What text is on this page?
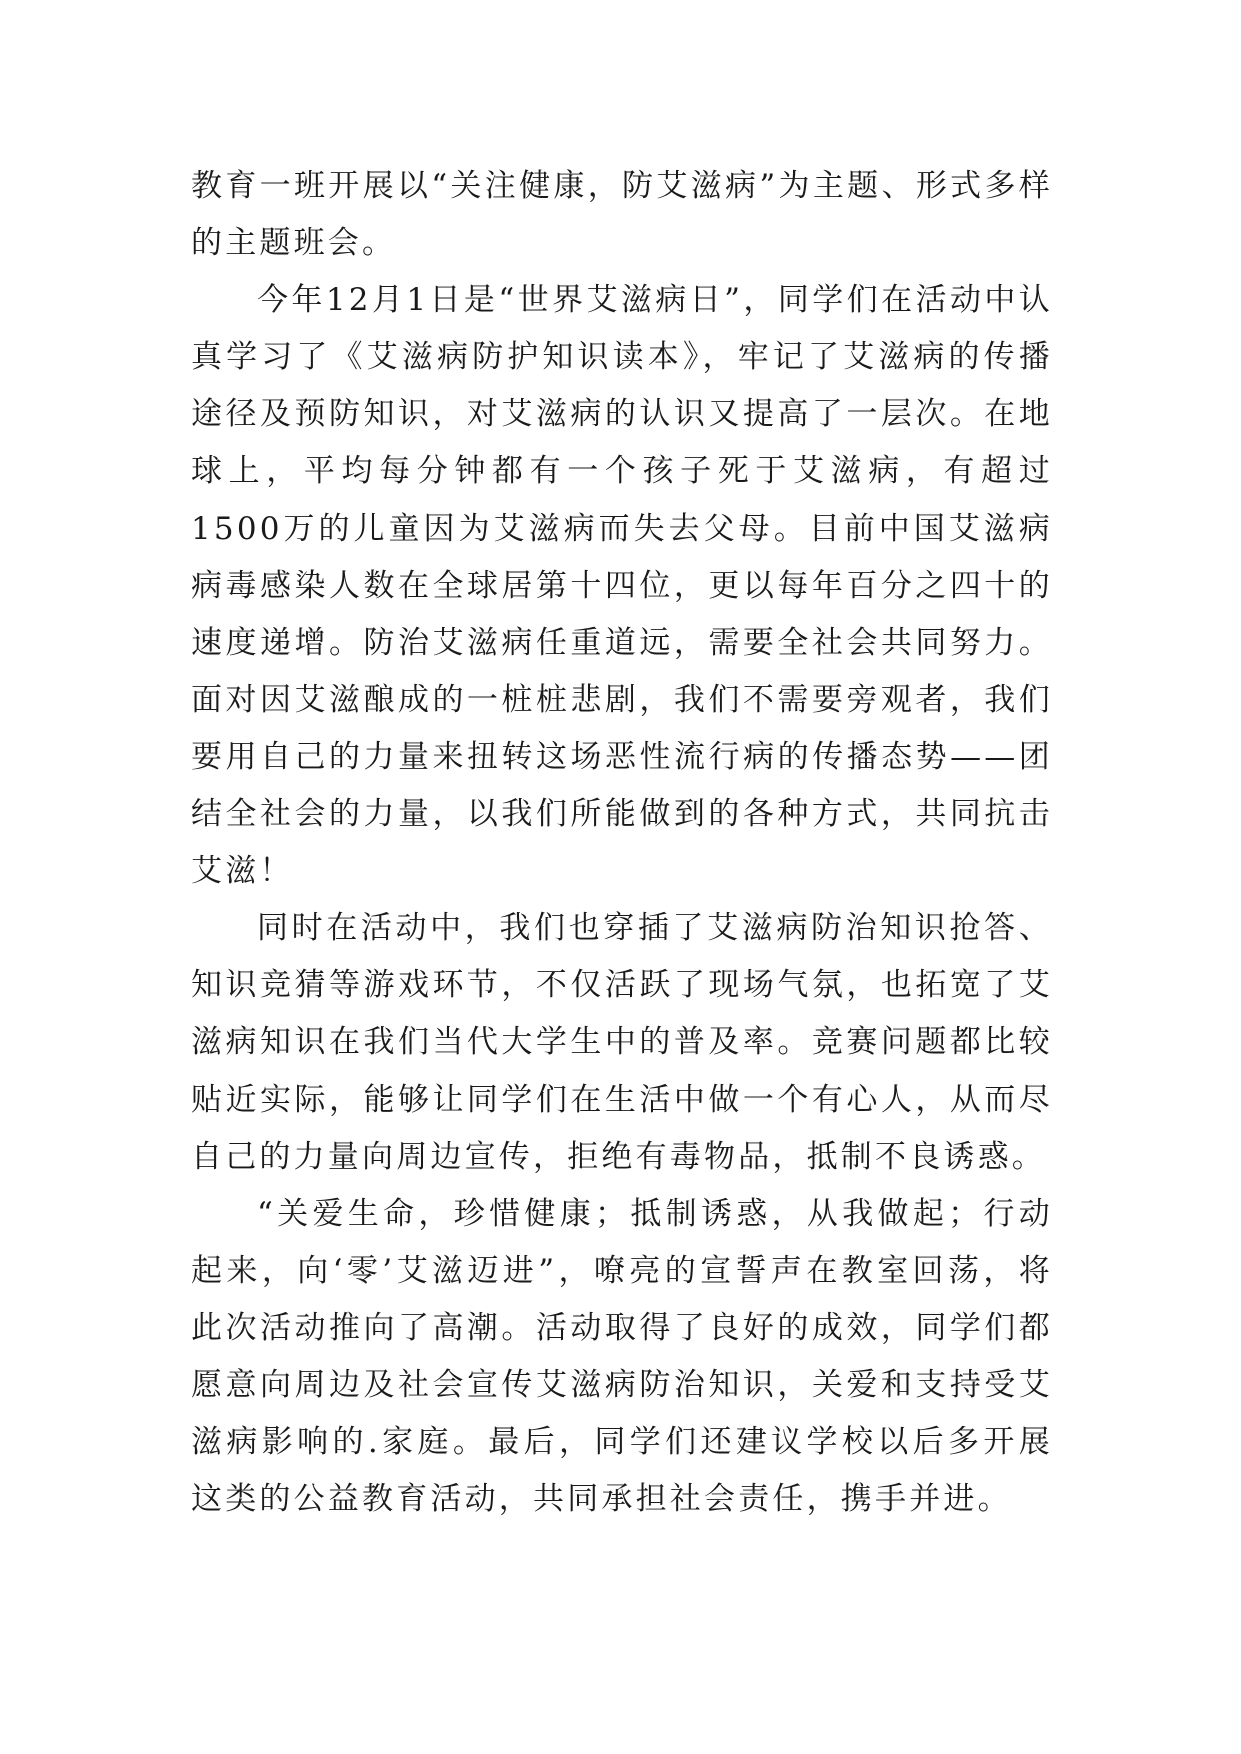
教育一班开展以“关注健康，防艾滋病”为主题、形式多样的主题班会。

今年12月1日是“世界艾滋病日”，同学们在活动中认真学习了《艾滋病防护知识读本》，牢记了艾滋病的传播途径及预防知识，对艾滋病的认识又提高了一层次。在地球上，平均每分钟都有一个孩子死于艾滋病，有超过1500万的儿童因为艾滋病而失去父母。目前中国艾滋病病毒感染人数在全球居第十四位，更以每年百分之四十的速度递增。防治艾滋病任重道远，需要全社会共同努力。面对因艾滋酿成的一桩桩悲剧，我们不需要旁观者，我们要用自己的力量来扭转这场恶性流行病的传播态势——团结全社会的力量，以我们所能做到的各种方式，共同抗击艾滋！

同时在活动中，我们也穿插了艾滋病防治知识抢答、知识竞猜等游戏环节，不仅活跃了现场气氛，也拓宽了艾滋病知识在我们当代大学生中的普及率。竞赛问题都比较贴近实际，能够让同学们在生活中做一个有心人，从而尽自己的力量向周边宣传，拒绝有毒物品，抵制不良诱惑。

“关爱生命，珍惜健康；抵制诱惑，从我做起；行动起来，向‘零’艾滋迈进”，嘹亮的宣誓声在教室回荡，将此次活动推向了高潮。活动取得了良好的成效，同学们都愿意向周边及社会宣传艾滋病防治知识，关爱和支持受艾滋病影响的.家庭。最后，同学们还建议学校以后多开展这类的公益教育活动，共同承担社会责任，携手并进。
